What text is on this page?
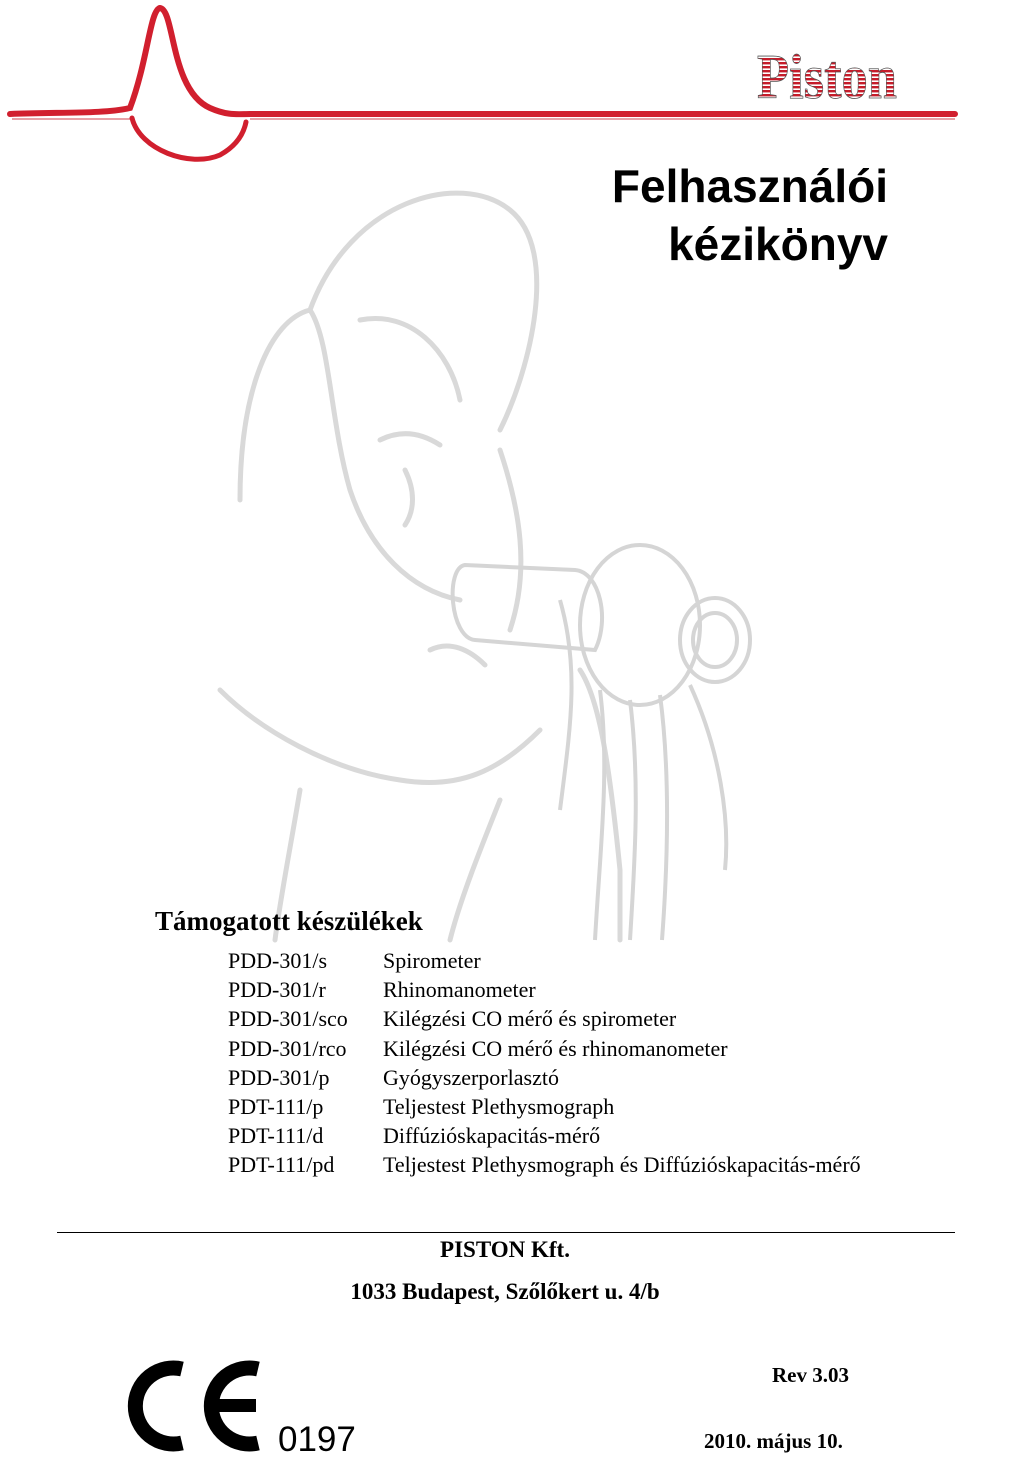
Piston
Felhasználói
kézikönyv
Támogatott készülékek
PDD-301/s	Spirometer
PDD-301/r	Rhinomanometer
PDD-301/sco	Kilégzési CO mérő és spirometer
PDD-301/rco	Kilégzési CO mérő és rhinomanometer
PDD-301/p	Gyógyszerporlasztó
PDT-111/p	Teljestest Plethysmograph
PDT-111/d	Diffúzióskapacitás-mérő
PDT-111/pd	Teljestest Plethysmograph és Diffúzióskapacitás-mérő
PISTON Kft.
1033 Budapest, Szőlőkert u. 4/b
0197
Rev 3.03
2010. május 10.
